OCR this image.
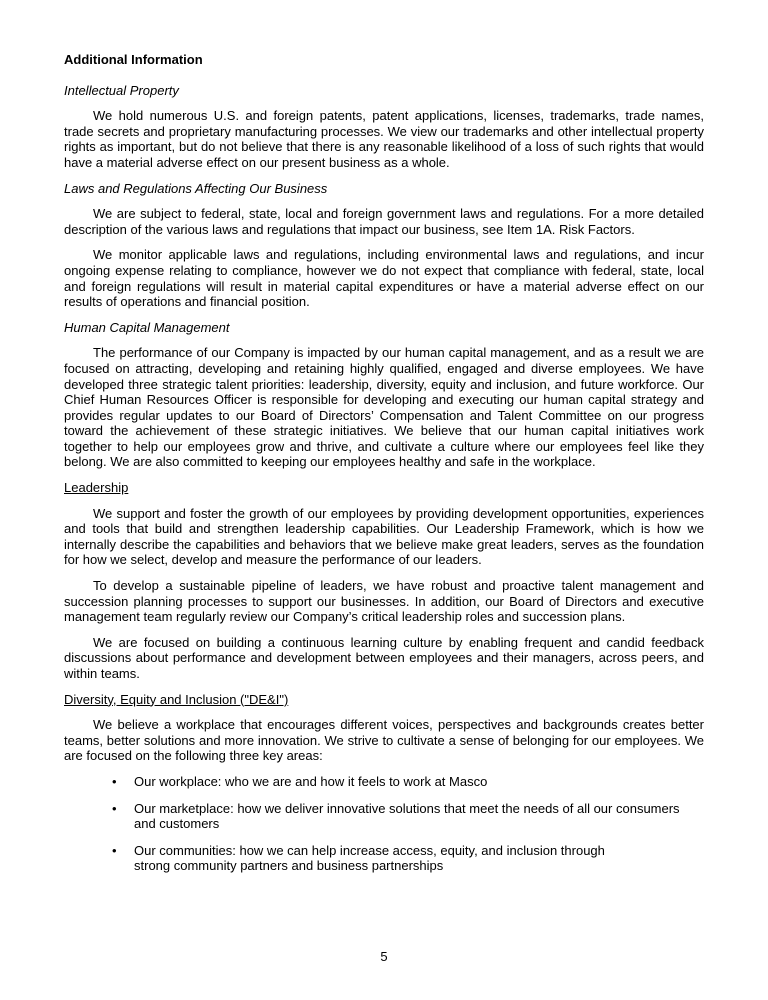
Additional Information
Intellectual Property

We hold numerous U.S. and foreign patents, patent applications, licenses, trademarks, trade names, trade secrets and proprietary manufacturing processes. We view our trademarks and other intellectual property rights as important, but do not believe that there is any reasonable likelihood of a loss of such rights that would have a material adverse effect on our present business as a whole.

Laws and Regulations Affecting Our Business

We are subject to federal, state, local and foreign government laws and regulations. For a more detailed description of the various laws and regulations that impact our business, see Item 1A. Risk Factors.

We monitor applicable laws and regulations, including environmental laws and regulations, and incur ongoing expense relating to compliance, however we do not expect that compliance with federal, state, local and foreign regulations will result in material capital expenditures or have a material adverse effect on our results of operations and financial position.

Human Capital Management

The performance of our Company is impacted by our human capital management, and as a result we are focused on attracting, developing and retaining highly qualified, engaged and diverse employees. We have developed three strategic talent priorities: leadership, diversity, equity and inclusion, and future workforce. Our Chief Human Resources Officer is responsible for developing and executing our human capital strategy and provides regular updates to our Board of Directors’ Compensation and Talent Committee on our progress toward the achievement of these strategic initiatives. We believe that our human capital initiatives work together to help our employees grow and thrive, and cultivate a culture where our employees feel like they belong. We are also committed to keeping our employees healthy and safe in the workplace.

Leadership

We support and foster the growth of our employees by providing development opportunities, experiences and tools that build and strengthen leadership capabilities. Our Leadership Framework, which is how we internally describe the capabilities and behaviors that we believe make great leaders, serves as the foundation for how we select, develop and measure the performance of our leaders.

To develop a sustainable pipeline of leaders, we have robust and proactive talent management and succession planning processes to support our businesses. In addition, our Board of Directors and executive management team regularly review our Company’s critical leadership roles and succession plans.

We are focused on building a continuous learning culture by enabling frequent and candid feedback discussions about performance and development between employees and their managers, across peers, and within teams.

Diversity, Equity and Inclusion ("DE&I")

We believe a workplace that encourages different voices, perspectives and backgrounds creates better teams, better solutions and more innovation. We strive to cultivate a sense of belonging for our employees. We are focused on the following three key areas:

• Our workplace: who we are and how it feels to work at Masco
• Our marketplace: how we deliver innovative solutions that meet the needs of all our consumers and customers
• Our communities: how we can help increase access, equity, and inclusion through strong community partners and business partnerships
5
